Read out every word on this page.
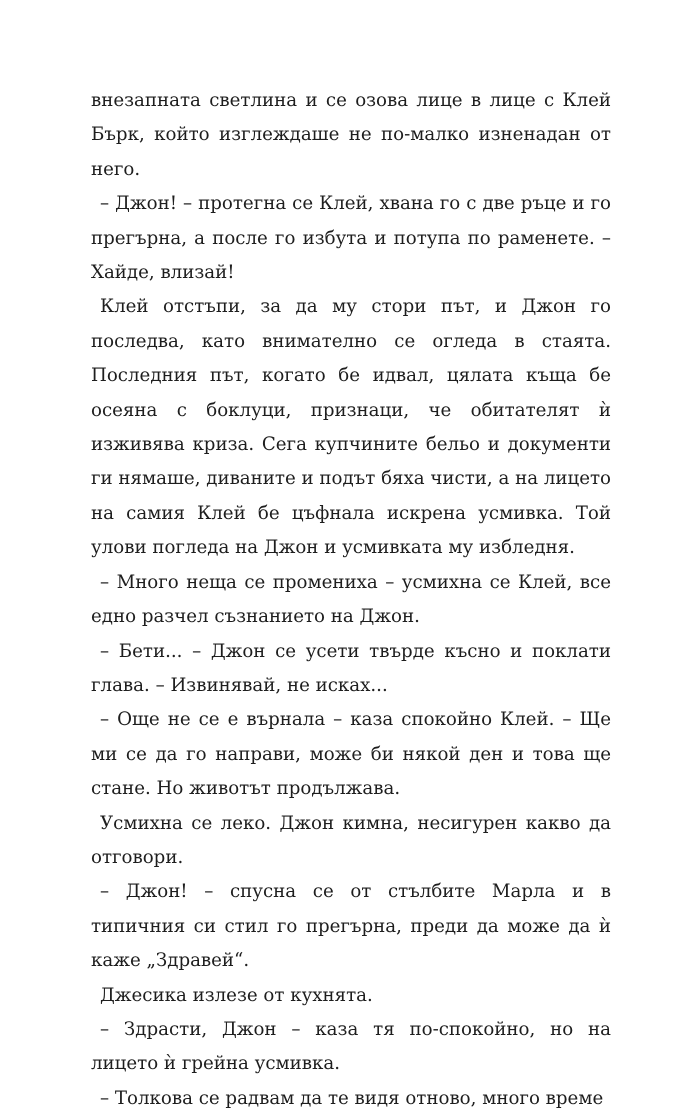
внезапната светлина и се озова лице в лице с Клей Бърк, който изглеждаше не по-малко изненадан от него.

– Джон! – протегна се Клей, хвана го с две ръце и го прегърна, а после го избута и потупа по раменете. – Хайде, влизай!

Клей отстъпи, за да му стори път, и Джон го последва, като внимателно се огледа в стаята. Последния път, когато бе идвал, цялата къща бе осеяна с боклуци, признаци, че обитателят ѝ изживява криза. Сега купчините бельо и документи ги нямаше, диваните и подът бяха чисти, а на лицето на самия Клей бе цъфнала искрена усмивка. Той улови погледа на Джон и усмивката му избледня.

– Много неща се промениха – усмихна се Клей, все едно разчел съзнанието на Джон.

– Бети... – Джон се усети твърде късно и поклати глава. – Извинявай, не исках...

– Още не се е върнала – каза спокойно Клей. – Ще ми се да го направи, може би някой ден и това ще стане. Но животът продължава.

Усмихна се леко. Джон кимна, несигурен какво да отговори.

– Джон! – спусна се от стълбите Марла и в типичния си стил го прегърна, преди да може да ѝ каже „Здравей“.

Джесика излезе от кухнята.

– Здрасти, Джон – каза тя по-спокойно, но на лицето ѝ грейна усмивка.

– Толкова се радвам да те видя отново, много време
